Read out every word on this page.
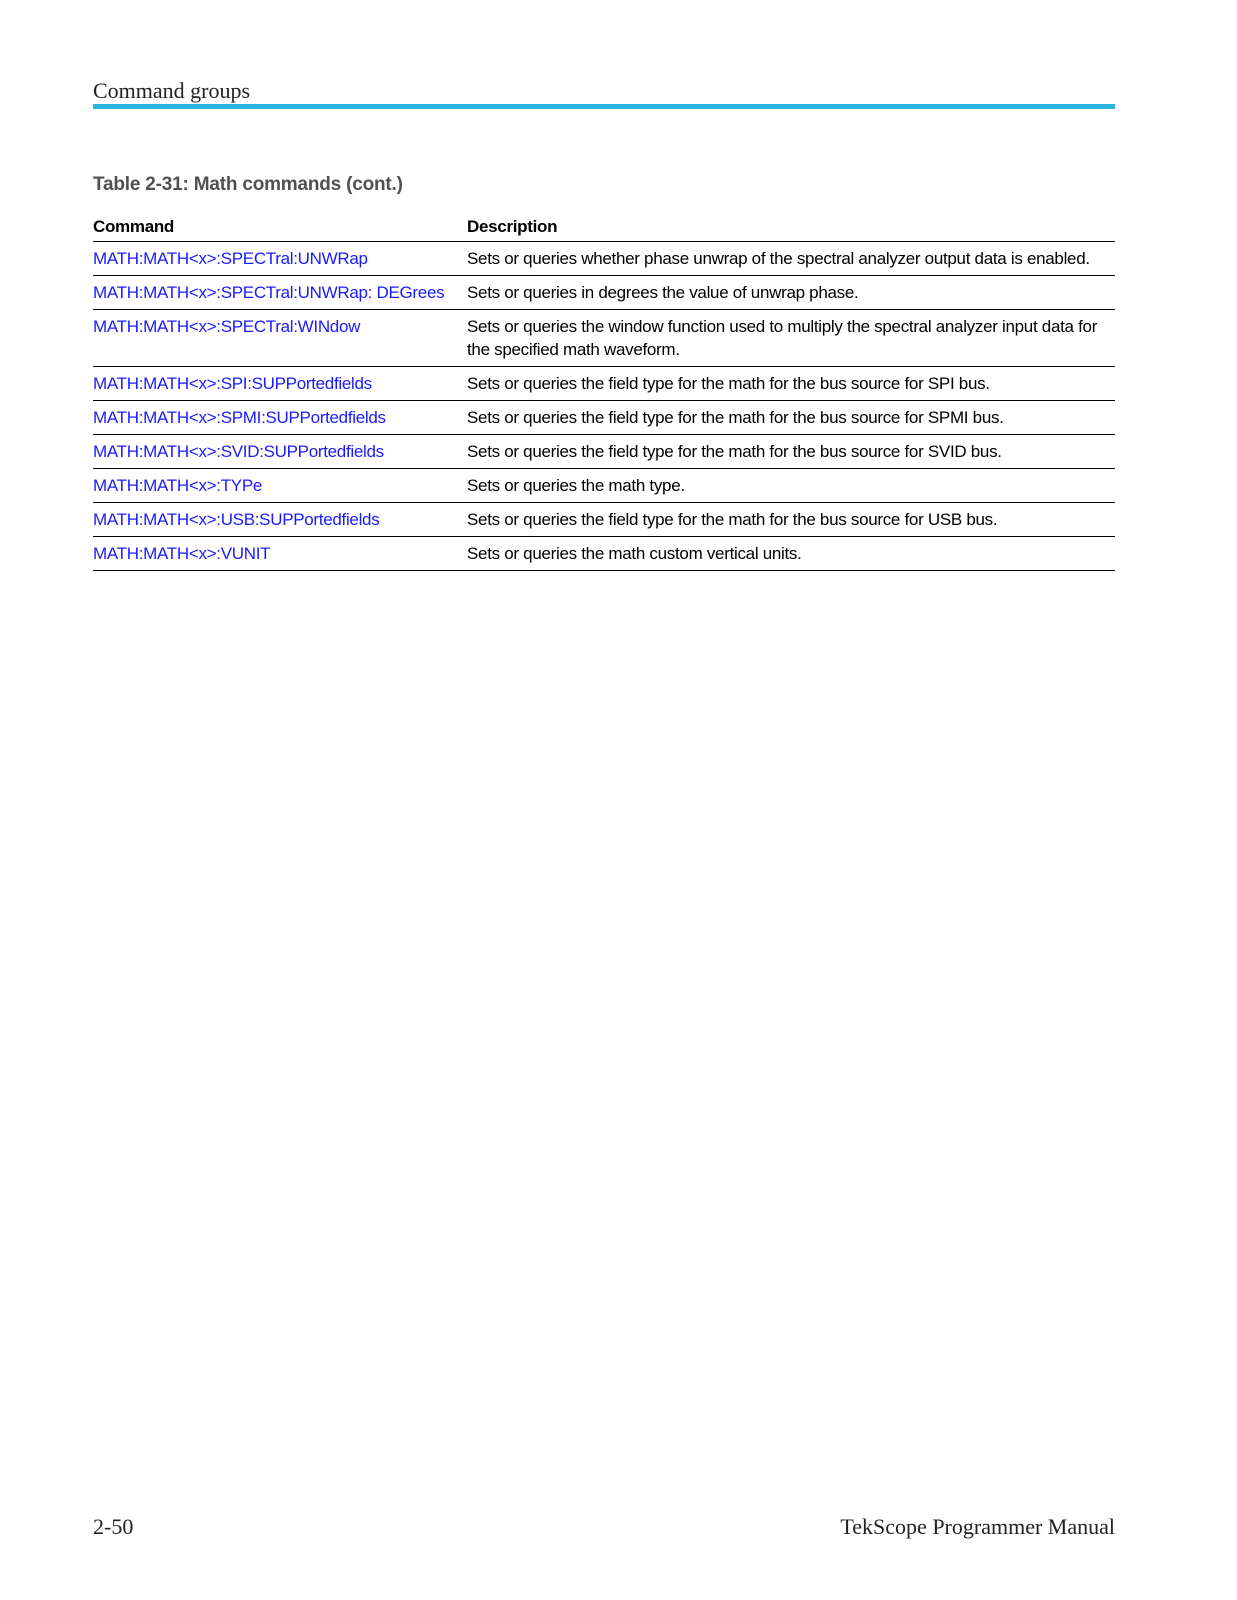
Command groups
Table 2-31: Math commands (cont.)
Command	Description
MATH:MATH<x>:SPECTral:UNWRap	Sets or queries whether phase unwrap of the spectral analyzer output data is enabled.
MATH:MATH<x>:SPECTral:UNWRap: DEGrees	Sets or queries in degrees the value of unwrap phase.
MATH:MATH<x>:SPECTral:WINdow	Sets or queries the window function used to multiply the spectral analyzer input data for the specified math waveform.
MATH:MATH<x>:SPI:SUPPortedfields	Sets or queries the field type for the math for the bus source for SPI bus.
MATH:MATH<x>:SPMI:SUPPortedfields	Sets or queries the field type for the math for the bus source for SPMI bus.
MATH:MATH<x>:SVID:SUPPortedfields	Sets or queries the field type for the math for the bus source for SVID bus.
MATH:MATH<x>:TYPe	Sets or queries the math type.
MATH:MATH<x>:USB:SUPPortedfields	Sets or queries the field type for the math for the bus source for USB bus.
MATH:MATH<x>:VUNIT	Sets or queries the math custom vertical units.
2-50	TekScope Programmer Manual
